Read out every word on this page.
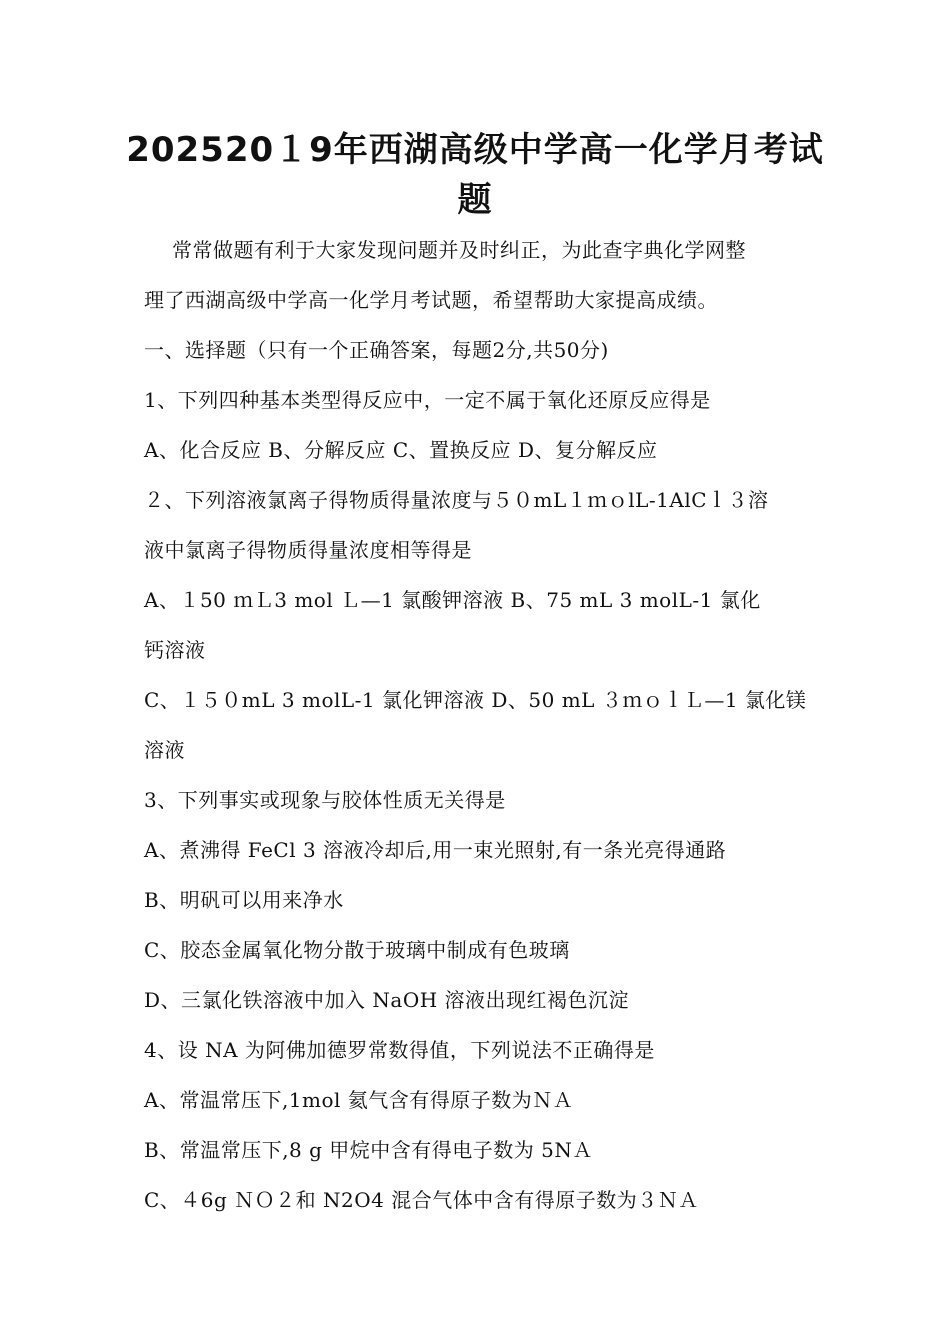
202520１9年西湖高级中学高一化学月考试
题
常常做题有利于大家发现问题并及时纠正，为此查字典化学网整
理了西湖高级中学高一化学月考试题，希望帮助大家提高成绩。
一、选择题（只有一个正确答案，每题2分,共50分)
1、下列四种基本类型得反应中，一定不属于氧化还原反应得是
A、化合反应 B、分解反应 C、置换反应 D、复分解反应
２、下列溶液氯离子得物质得量浓度与５０mL１ｍｏlL-1AlCｌ３溶
液中氯离子得物质得量浓度相等得是
A、１50 ｍＬ3 mol Ｌ—1 氯酸钾溶液 B、75 mL 3 molL-1 氯化
钙溶液
C、１５０mL 3 molL-1 氯化钾溶液 D、50 mL ３ｍｏｌＬ—1 氯化镁
溶液
3、下列事实或现象与胶体性质无关得是
A、煮沸得 FeCl 3 溶液冷却后,用一束光照射,有一条光亮得通路
B、明矾可以用来净水
C、胶态金属氧化物分散于玻璃中制成有色玻璃
D、三氯化铁溶液中加入 NaOH 溶液出现红褐色沉淀
4、设 NA 为阿佛加德罗常数得值，下列说法不正确得是
A、常温常压下,1mol 氦气含有得原子数为ＮＡ
B、常温常压下,8 g 甲烷中含有得电子数为 5NＡ
C、４6g ＮＯ２和 N2O4 混合气体中含有得原子数为３ＮＡ
